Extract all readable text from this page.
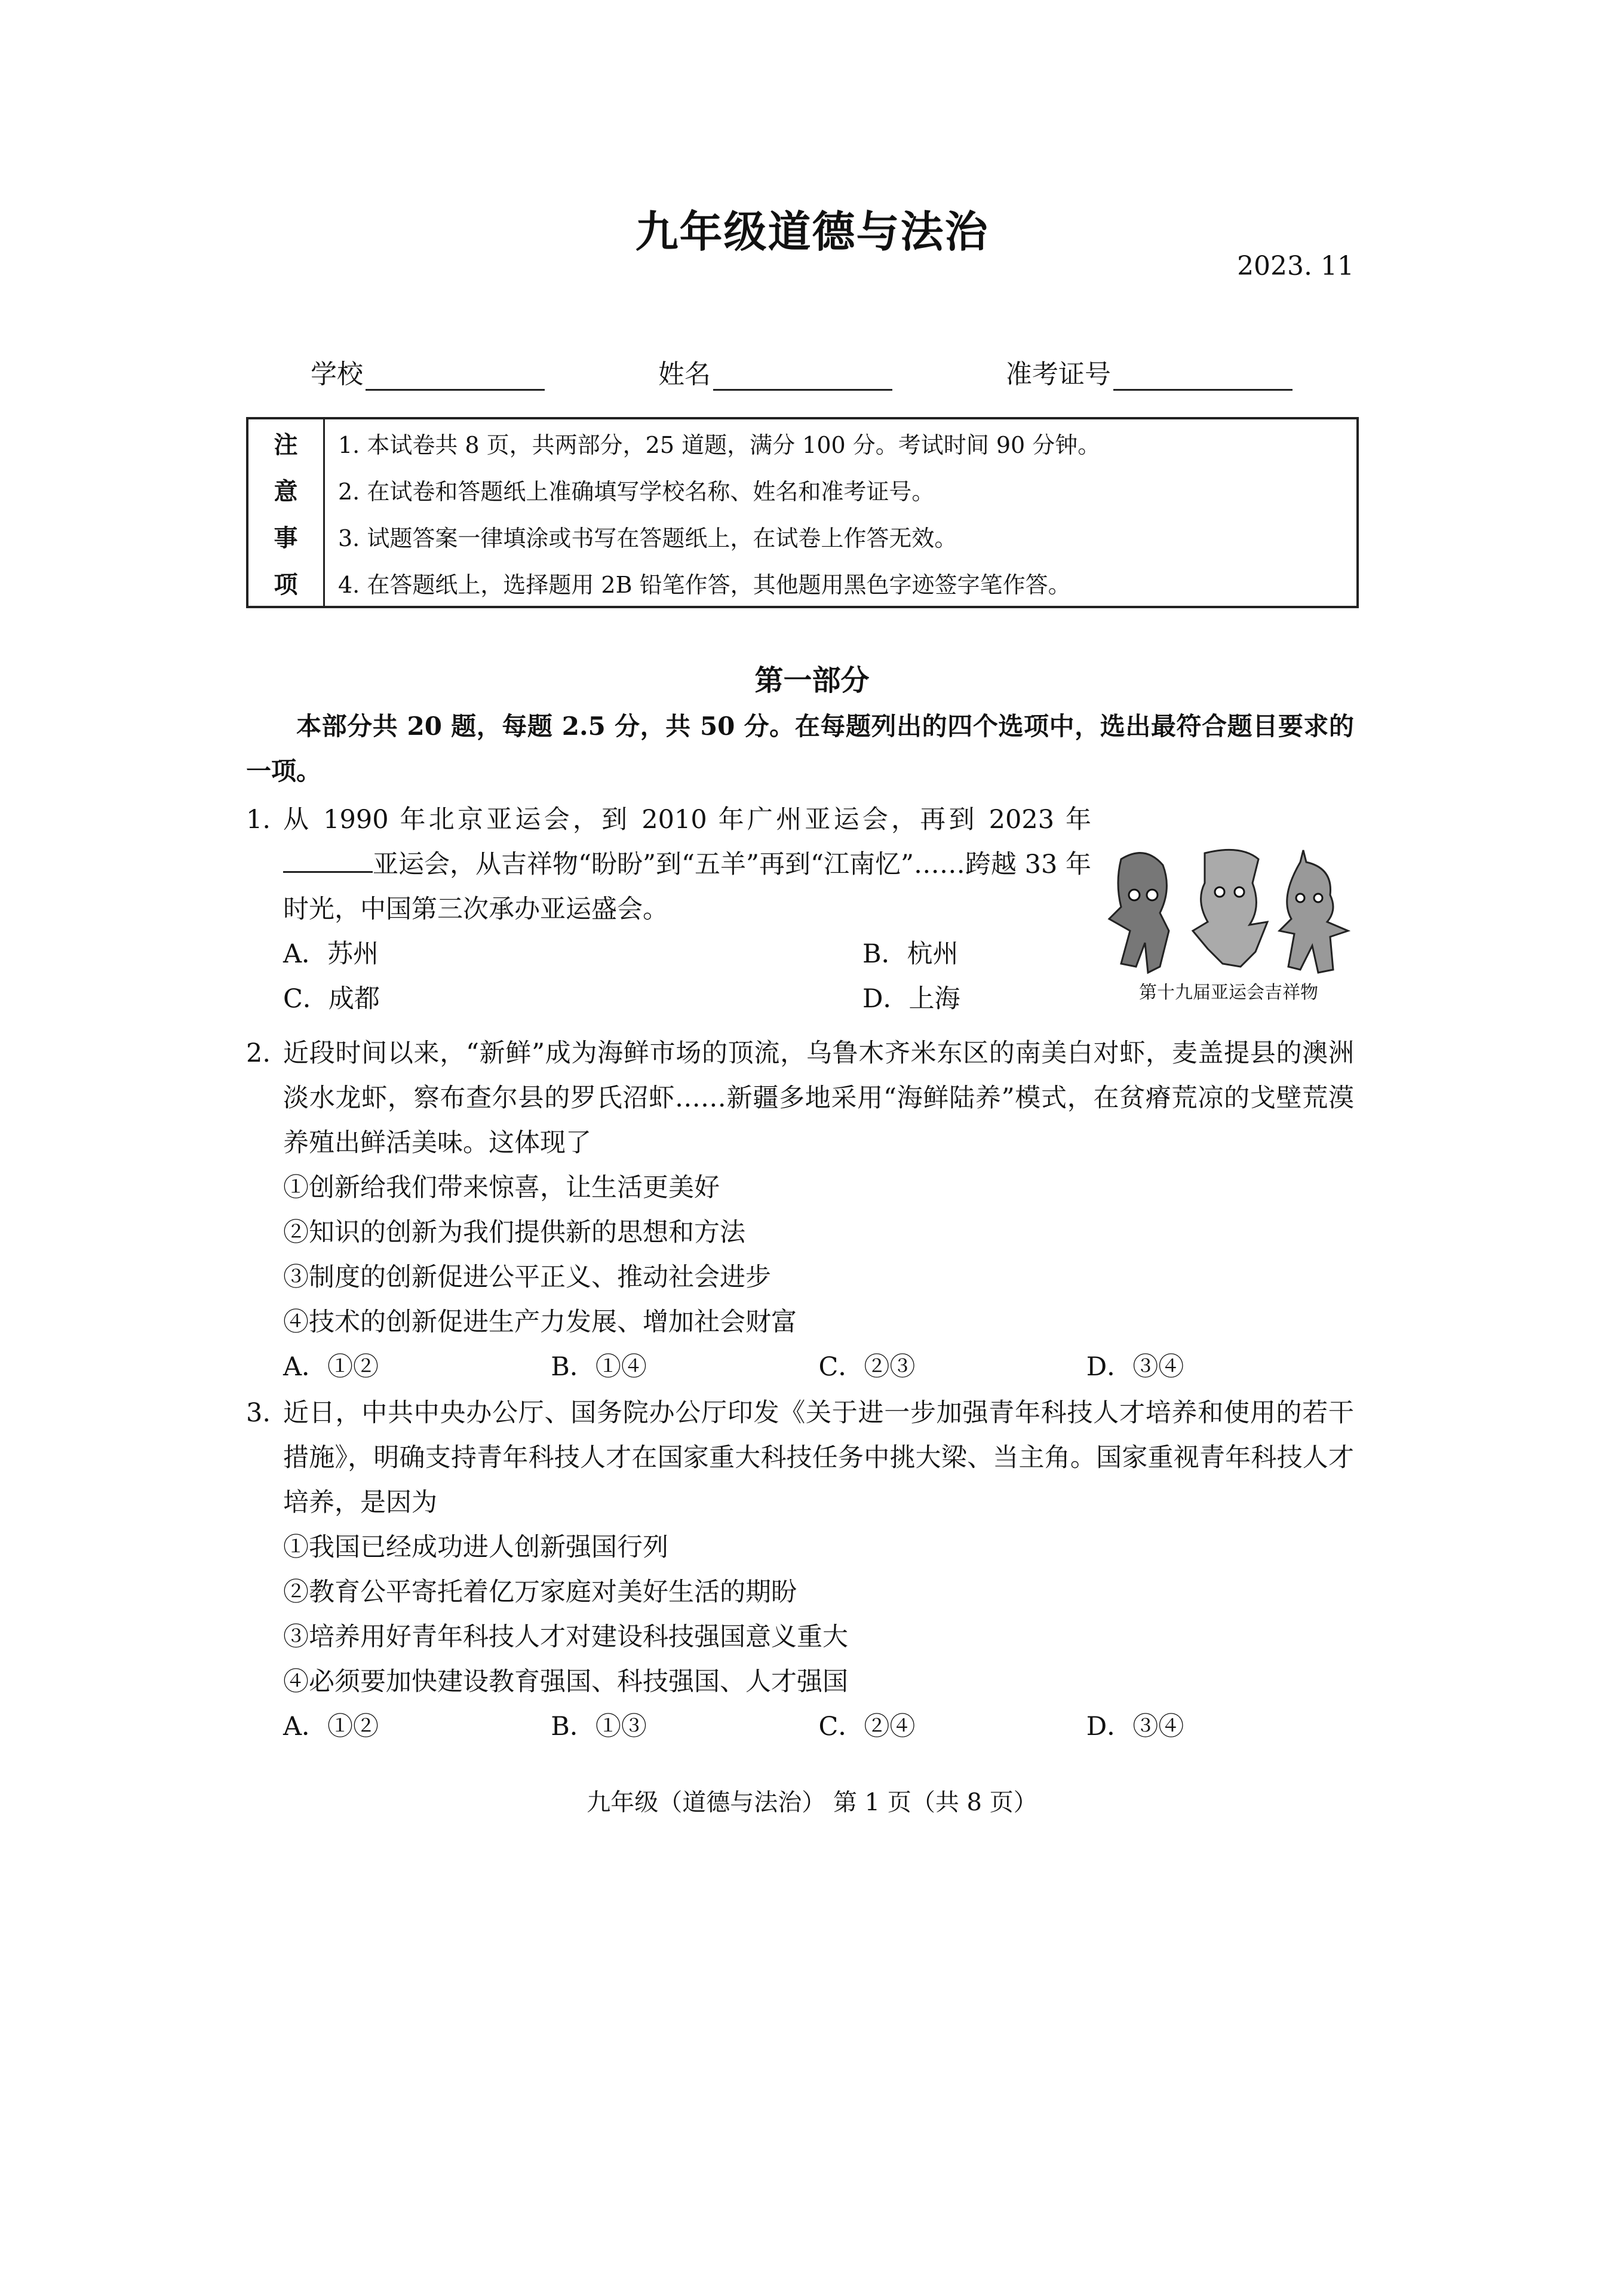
九年级道德与法治
2023. 11
学校	姓名	准考证号
注
意
事
项
1. 本试卷共 8 页，共两部分，25 道题，满分 100 分。考试时间 90 分钟。
2. 在试卷和答题纸上准确填写学校名称、姓名和准考证号。
3. 试题答案一律填涂或书写在答题纸上，在试卷上作答无效。
4. 在答题纸上，选择题用 2B 铅笔作答，其他题用黑色字迹签字笔作答。
第一部分
本部分共 20 题，每题 2.5 分，共 50 分。在每题列出的四个选项中，选出最符合题目要求的一项。
1.
第十九届亚运会吉祥物
从 1990 年北京亚运会，到 2010 年广州亚运会，再到 2023 年亚运会，从吉祥物“盼盼”到“五羊”再到“江南忆”……跨越 33 年时光，中国第三次承办亚运盛会。
A．苏州	B．杭州
C．成都	D．上海
2. 近段时间以来，“新鲜”成为海鲜市场的顶流，乌鲁木齐米东区的南美白对虾，麦盖提县的澳洲淡水龙虾，察布查尔县的罗氏沼虾……新疆多地采用“海鲜陆养”模式，在贫瘠荒凉的戈壁荒漠养殖出鲜活美味。这体现了
①创新给我们带来惊喜，让生活更美好
②知识的创新为我们提供新的思想和方法
③制度的创新促进公平正义、推动社会进步
④技术的创新促进生产力发展、增加社会财富
A．①②	B．①④	C．②③	D．③④
3. 近日，中共中央办公厅、国务院办公厅印发《关于进一步加强青年科技人才培养和使用的若干措施》，明确支持青年科技人才在国家重大科技任务中挑大梁、当主角。国家重视青年科技人才培养，是因为
①我国已经成功进人创新强国行列
②教育公平寄托着亿万家庭对美好生活的期盼
③培养用好青年科技人才对建设科技强国意义重大
④必须要加快建设教育强国、科技强国、人才强国
A．①②	B．①③	C．②④	D．③④
九年级（道德与法治） 第 1 页（共 8 页）
